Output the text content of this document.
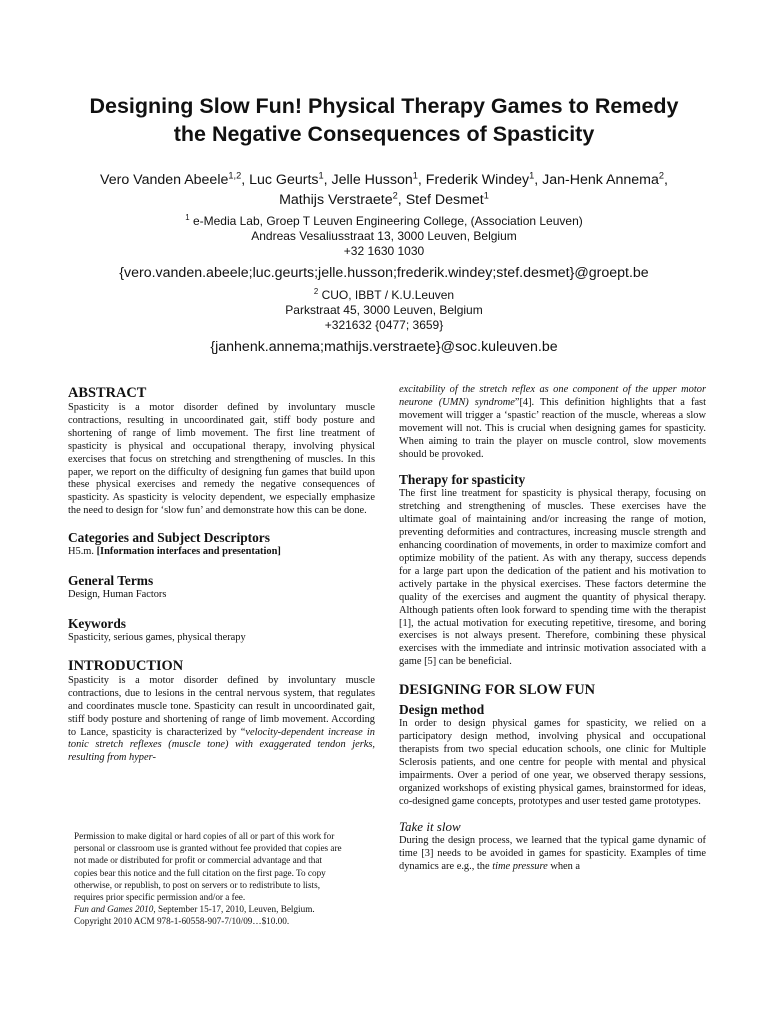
Designing Slow Fun! Physical Therapy Games to Remedy
the Negative Consequences of Spasticity
Vero Vanden Abeele$^{1,2}$, Luc Geurts$^1$, Jelle Husson$^1$, Frederik Windey$^1$, Jan-Henk Annema$^2$,
Mathijs Verstraete$^2$, Stef Desmet$^1$
$^1$ e-Media Lab, Groep T Leuven Engineering College, (Association Leuven)
Andreas Vesaliusstraat 13, 3000 Leuven, Belgium
+32 1630 1030
{vero.vanden.abeele;luc.geurts;jelle.husson;frederik.windey;stef.desmet}@groept.be
$^2$ CUO, IBBT / K.U.Leuven
Parkstraat 45, 3000 Leuven, Belgium
+321632 {0477; 3659}
{janhenk.annema;mathijs.verstraete}@soc.kuleuven.be
ABSTRACT

Spasticity is a motor disorder defined by involuntary muscle contractions, resulting in uncoordinated gait, stiff body posture and shortening of range of limb movement. The first line treatment of spasticity is physical and occupational therapy, involving physical exercises that focus on stretching and strengthening of muscles. In this paper, we report on the difficulty of designing fun games that build upon these physical exercises and remedy the negative consequences of spasticity. As spasticity is velocity dependent, we especially emphasize the need to design for ‘slow fun’ and demonstrate how this can be done.

Categories and Subject Descriptors

H5.m. [Information interfaces and presentation]

General Terms

Design, Human Factors

Keywords

Spasticity, serious games, physical therapy

INTRODUCTION

Spasticity is a motor disorder defined by involuntary muscle contractions, due to lesions in the central nervous system, that regulates and coordinates muscle tone. Spasticity can result in uncoordinated gait, stiff body posture and shortening of range of limb movement. According to Lance, spasticity is characterized by “velocity-dependent increase in tonic stretch reflexes (muscle tone) with exaggerated tendon jerks, resulting from hyper-

Permission to make digital or hard copies of all or part of this work for
personal or classroom use is granted without fee provided that copies are
not made or distributed for profit or commercial advantage and that
copies bear this notice and the full citation on the first page. To copy
otherwise, or republish, to post on servers or to redistribute to lists,
requires prior specific permission and/or a fee.
Fun and Games 2010, September 15-17, 2010, Leuven, Belgium.
Copyright 2010 ACM 978-1-60558-907-7/10/09…$10.00.

excitability of the stretch reflex as one component of the upper motor neurone (UMN) syndrome”[4]. This definition highlights that a fast movement will trigger a ‘spastic’ reaction of the muscle, whereas a slow movement will not. This is crucial when designing games for spasticity. When aiming to train the player on muscle control, slow movements should be provoked.

Therapy for spasticity

The first line treatment for spasticity is physical therapy, focusing on stretching and strengthening of muscles. These exercises have the ultimate goal of maintaining and/or increasing the range of motion, preventing deformities and contractures, increasing muscle strength and enhancing coordination of movements, in order to maximize comfort and optimize mobility of the patient. As with any therapy, success depends for a large part upon the dedication of the patient and his motivation to actively partake in the physical exercises. These factors determine the quality of the exercises and augment the quantity of physical therapy. Although patients often look forward to spending time with the therapist [1], the actual motivation for executing repetitive, tiresome, and boring exercises is not always present. Therefore, combining these physical exercises with the immediate and intrinsic motivation associated with a game [5] can be beneficial.

DESIGNING FOR SLOW FUN
Design method

In order to design physical games for spasticity, we relied on a participatory design method, involving physical and occupational therapists from two special education schools, one clinic for Multiple Sclerosis patients, and one centre for people with mental and physical impairments. Over a period of one year, we observed therapy sessions, organized workshops of existing physical games, brainstormed for ideas, co-designed game concepts, prototypes and user tested game prototypes.

Take it slow

During the design process, we learned that the typical game dynamic of time [3] needs to be avoided in games for spasticity. Examples of time dynamics are e.g., the time pressure when a
